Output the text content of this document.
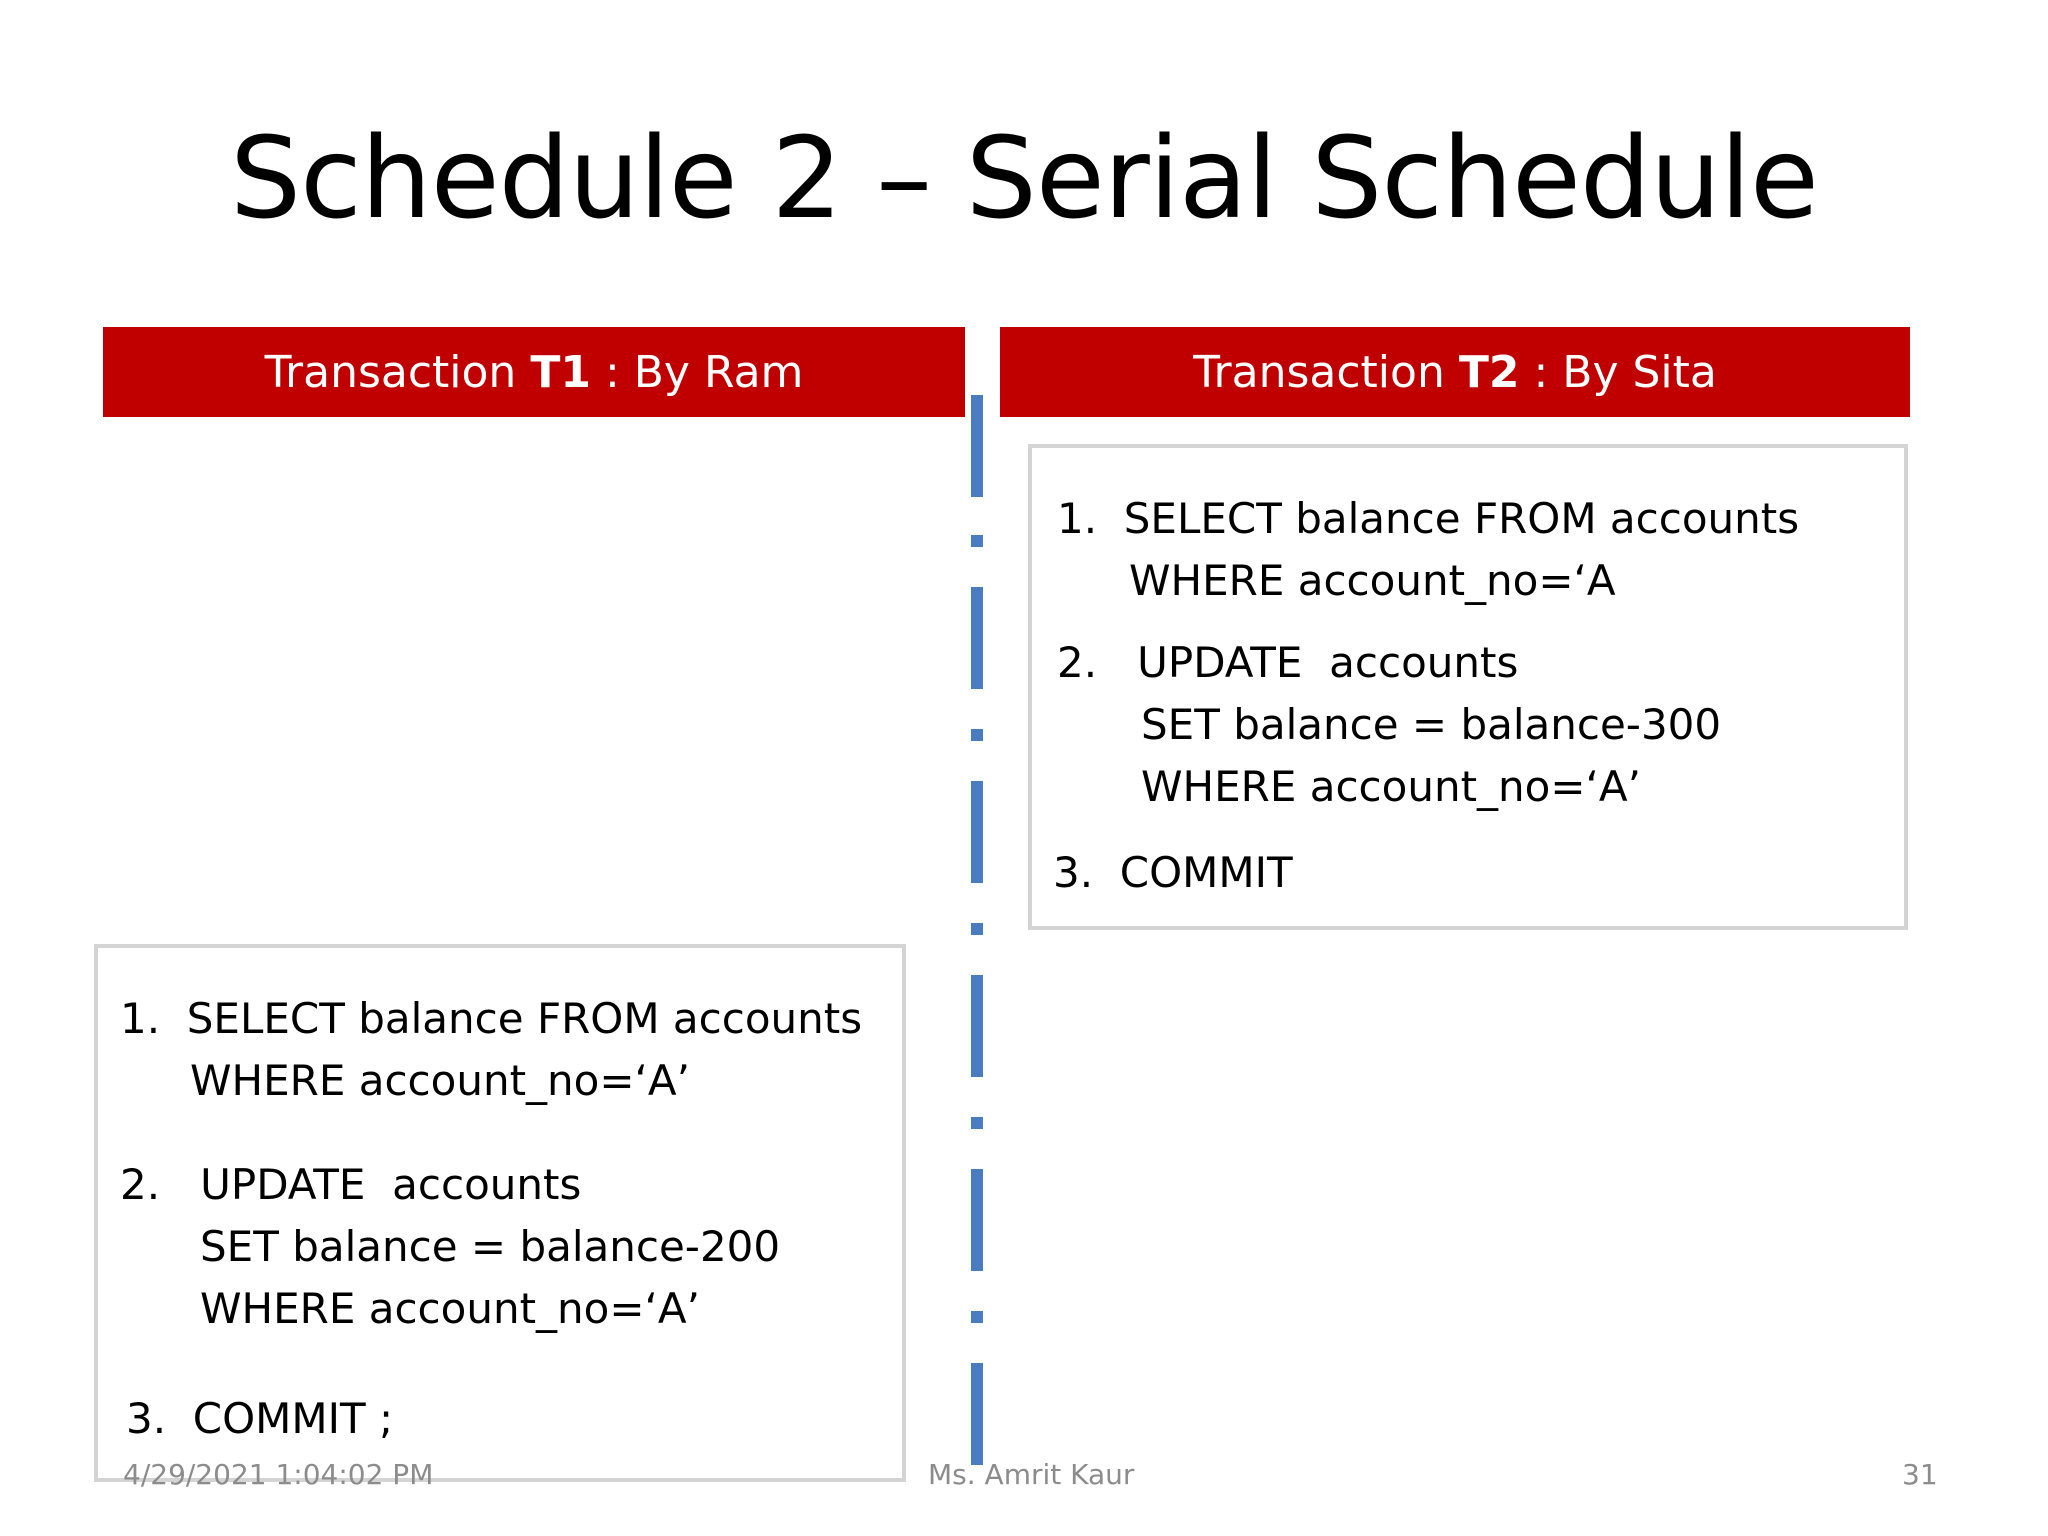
Schedule 2 – Serial Schedule
Transaction T1 : By Ram	Transaction T2 : By Sita
1.  SELECT balance FROM accounts
WHERE account_no=‘A
2.   UPDATE  accounts
SET balance = balance-300
WHERE account_no=‘A’
3.  COMMIT
1.  SELECT balance FROM accounts
WHERE account_no=‘A’
2.   UPDATE  accounts
SET balance = balance-200
WHERE account_no=‘A’
3.  COMMIT ;
4/29/2021 1:04:02 PM	Ms. Amrit Kaur	31
